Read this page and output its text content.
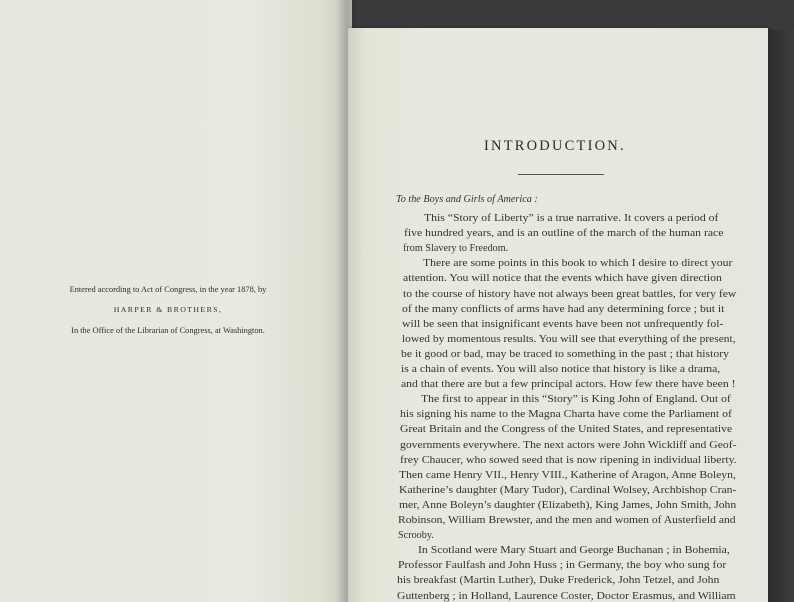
Entered according to Act of Congress, in the year 1878, by
HARPER & BROTHERS,
In the Office of the Librarian of Congress, at Washington.
INTRODUCTION.
To the Boys and Girls of America :
This “Story of Liberty” is a true narrative. It covers a period of
five hundred years, and is an outline of the march of the human race
from Slavery to Freedom.
There are some points in this book to which I desire to direct your
attention. You will notice that the events which have given direction
to the course of history have not always been great battles, for very few
of the many conflicts of arms have had any determining force ; but it
will be seen that insignificant events have been not unfrequently fol-
lowed by momentous results. You will see that everything of the present,
be it good or bad, may be traced to something in the past ; that history
is a chain of events. You will also notice that history is like a drama,
and that there are but a few principal actors. How few there have been !
The first to appear in this “Story” is King John of England. Out of
his signing his name to the Magna Charta have come the Parliament of
Great Britain and the Congress of the United States, and representative
governments everywhere. The next actors were John Wickliff and Geof-
frey Chaucer, who sowed seed that is now ripening in individual liberty.
Then came Henry VII., Henry VIII., Katherine of Aragon, Anne Boleyn,
Katherine’s daughter (Mary Tudor), Cardinal Wolsey, Archbishop Cran-
mer, Anne Boleyn’s daughter (Elizabeth), King James, John Smith, John
Robinson, William Brewster, and the men and women of Austerfield and
Scrooby.
In Scotland were Mary Stuart and George Buchanan ; in Bohemia,
Professor Faulfash and John Huss ; in Germany, the boy who sung for
his breakfast (Martin Luther), Duke Frederick, John Tetzel, and John
Guttenberg ; in Holland, Laurence Coster, Doctor Erasmus, and William
